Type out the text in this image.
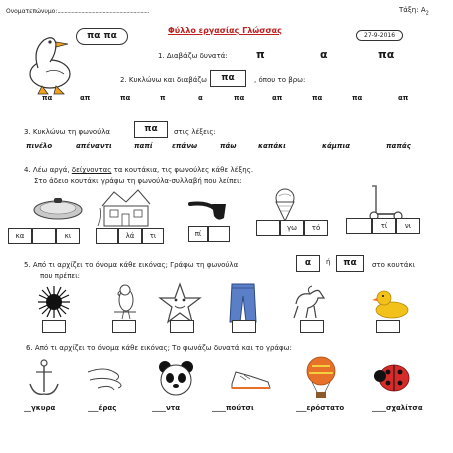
Ονοματεπώνυμο:.................................................................	Τάξη: $A_2$
Φύλλο εργασίας Γλώσσας
27-9-2016
πα πα
1. Διαβάζω δυνατά:	π	α	πα
2. Κυκλώνω και διαβάζω	πα	, όπου το βρω:
πα	απ	πα	π	α	πα	απ	πα	πα	απ
3. Κυκλώνω τη φωνούλα	πα	στις λέξεις:
πινέλο	απέναντι	παπί	επάνω	πάω	καπάκι	κάμπια	παπάς
4. Λέω αργά, δείχνοντας τα κουτάκια, τις φωνούλες κάθε λέξης.
Στο άδειο κουτάκι γράφω τη φωνούλα-συλλαβή που λείπει:
κα	κι	λά	τι	πί
γω	τό	τί	νι
5. Από τι αρχίζει το όνομα κάθε εικόνας; Γράφω τη φωνούλα	α	ή	πα	στο κουτάκι
που πρέπει:
6. Από τι αρχίζει το όνομα κάθε εικόνας; Το φωνάζω δυνατά και το γράφω:
__γκυρα	___έρας	____ντα	____πούτσι	___ερόστατο	____σχαλίτσα
